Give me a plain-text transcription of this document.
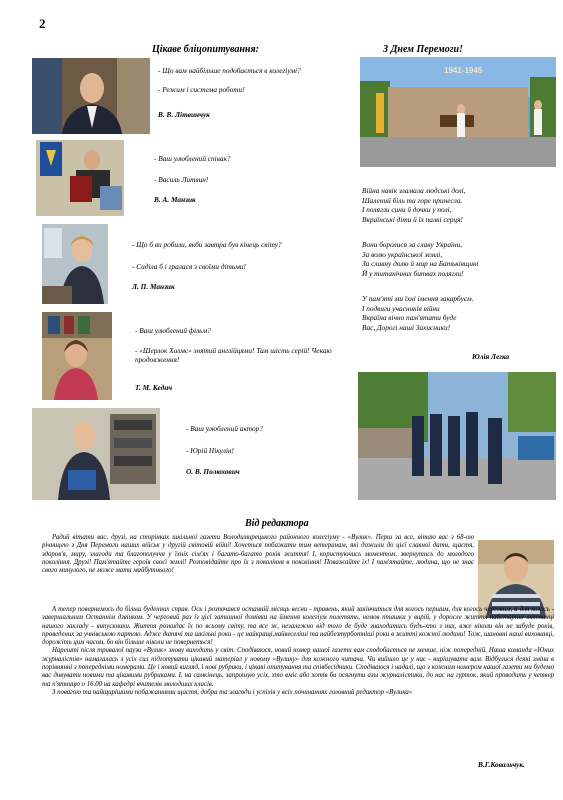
2
Цікаве бліцопитування:
- Що вам найбільше подобається в колегіумі?
- Режим і система роботи!
В. В. Літвинчук
- Ваш улюблений співак?
- Василь Литвин!
В. А. Манзик
- Що б ви робили, якби завтра був кінець світу?
- Сиділа б і гралася з своїми дітьми!
Л. П. Манзик
- Ваш улюблений фільм?
- «Шерлок Холмс» знятий англійцями! Там шість серій! Чекаю продовження!
Т. М. Кедич
- Ваш улюблений актор?
- Юрій Нікулін!
О. В. Полюхович
З Днем Перемоги!
1941-1945
Війна навік зламала людські долі,
Шалений біль та горе принесла.
І полягли сини й дочки у полі,
Вкраїнські діти й їх палкі серця!
Вони боролися за славу України,
За волю української землі,
За славну долю й мир на Батьківщині
Й у титанічних битвах полягли!
У пам'яті ми їхні імення закарбуєм.
І подвиги учасників війни
Вкраїна вічно пам'ятати буде
Вас, Дорогі наші Захисники!
Юлія Легка
Від редактора

Радий вітати вас, друзі, на сторінках шкільної газети Володимирецького районного колегіуму - «Вулик». Перш за все, вітаю вас з 68-ою річницею з Дня Перемоги наших військ у другій світовій війні! Хочеться побажати тим ветеранам, які дожили до цієї славної дати, щастя, здоров'я, миру, злагоди та благополуччя у їхніх сім'ях і багато-багато років життя! І, користуючись моментом, звернутись до молодого покоління. Друзі! Пам'ятайте героїв своєї землі! Розповідайте про їх з покоління в покоління! Поважайте їх! І пам'ятайте, людина, що не знає свого минулого, не може мати майбутнього!

А тепер повернемось до більш буденних справ. Ось і розпочався останній місяць весни - травень, який закінчиться для когось першим, для когось черговим, а для когось - завершальним Останнім дзвінком. У черговий раз із цієї затишної домівки на ймення колегіум полетять, немов пташки у вирій, у доросле життя найстаріші вихованці нашого закладу - випускники. Життя розкидає їх по всьому світу, та все ж, незалежно від того де буде знаходитись будь-хто з них, вже ніколи він не забуде років, проведених за учнівською партою. Адже дитячі та шкільні роки - це найкращі,найвеселіші та найбезтурботніші роки в житті кожної людини! Тож, шановні наші вихованці, дорожіть цим часом, бо він більше ніколи не повернеться!

Нарешті після тривалої паузи «Вулик» знову виходить у світ. Сподіваюся, новий номер нашої газети вам сподобається не менше, ніж попередній. Наша команда «Юних журналістів» намагалась з усіх сил підготувати цікавий матеріал у новому «Вулику» для кожного читача. Чи вийшло це у нас - вирішувати вам. Відбулися деякі зміни в порівнянні з попередніми номерами. Це і новий вигляд, і нові рубрики, і цікаві опитування та співбесідники. Сподіваюся і надалі, що з кожним номером нашої газети ми будемо вас дивувати новими та цікавими рубриками. І, на самкінець, запрошую усіх, хто вміє або хотів би осягнути азы журналістики, до нас на гурток, який проводить у четвер та п'ятницю о 16.00 на кафедрі вчителів молодших класів.

З повагою та найщирішими побажаннями щастя, добра та злагоди і успіхів у всіх починаннях головний редактор «Вулика»

В.Г.Ковальчук.
